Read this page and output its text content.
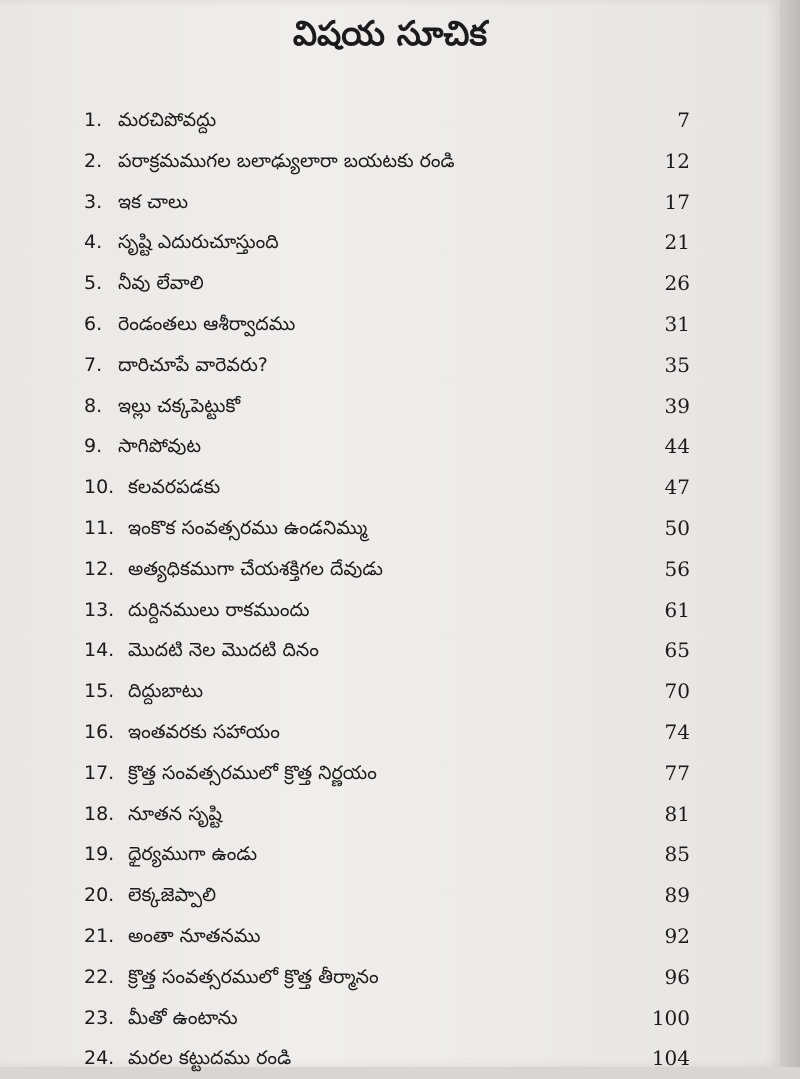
విషయ సూచిక
1. మరచిపోవద్దు	7
2. పరాక్రమముగల బలాఢ్యులారా బయటకు రండి	12
3. ఇక చాలు	17
4. సృష్టి ఎదురుచూస్తుంది	21
5. నీవు లేవాలి	26
6. రెండంతలు ఆశీర్వాదము	31
7. దారిచూపే వారెవరు?	35
8. ఇల్లు చక్కపెట్టుకో	39
9. సాగిపోవుట	44
10. కలవరపడకు	47
11. ఇంకొక సంవత్సరము ఉండనిమ్ము	50
12. అత్యధికముగా చేయశక్తిగల దేవుడు	56
13. దుర్దినములు రాకముందు	61
14. మొదటి నెల మొదటి దినం	65
15. దిద్దుబాటు	70
16. ఇంతవరకు సహాయం	74
17. క్రొత్త సంవత్సరములో క్రొత్త నిర్ణయం	77
18. నూతన సృష్టి	81
19. ధైర్యముగా ఉండు	85
20. లెక్కజెప్పాలి	89
21. అంతా నూతనము	92
22. క్రొత్త సంవత్సరములో క్రొత్త తీర్మానం	96
23. మీతో ఉంటాను	100
24. మరల కట్టుదము రండి	104
